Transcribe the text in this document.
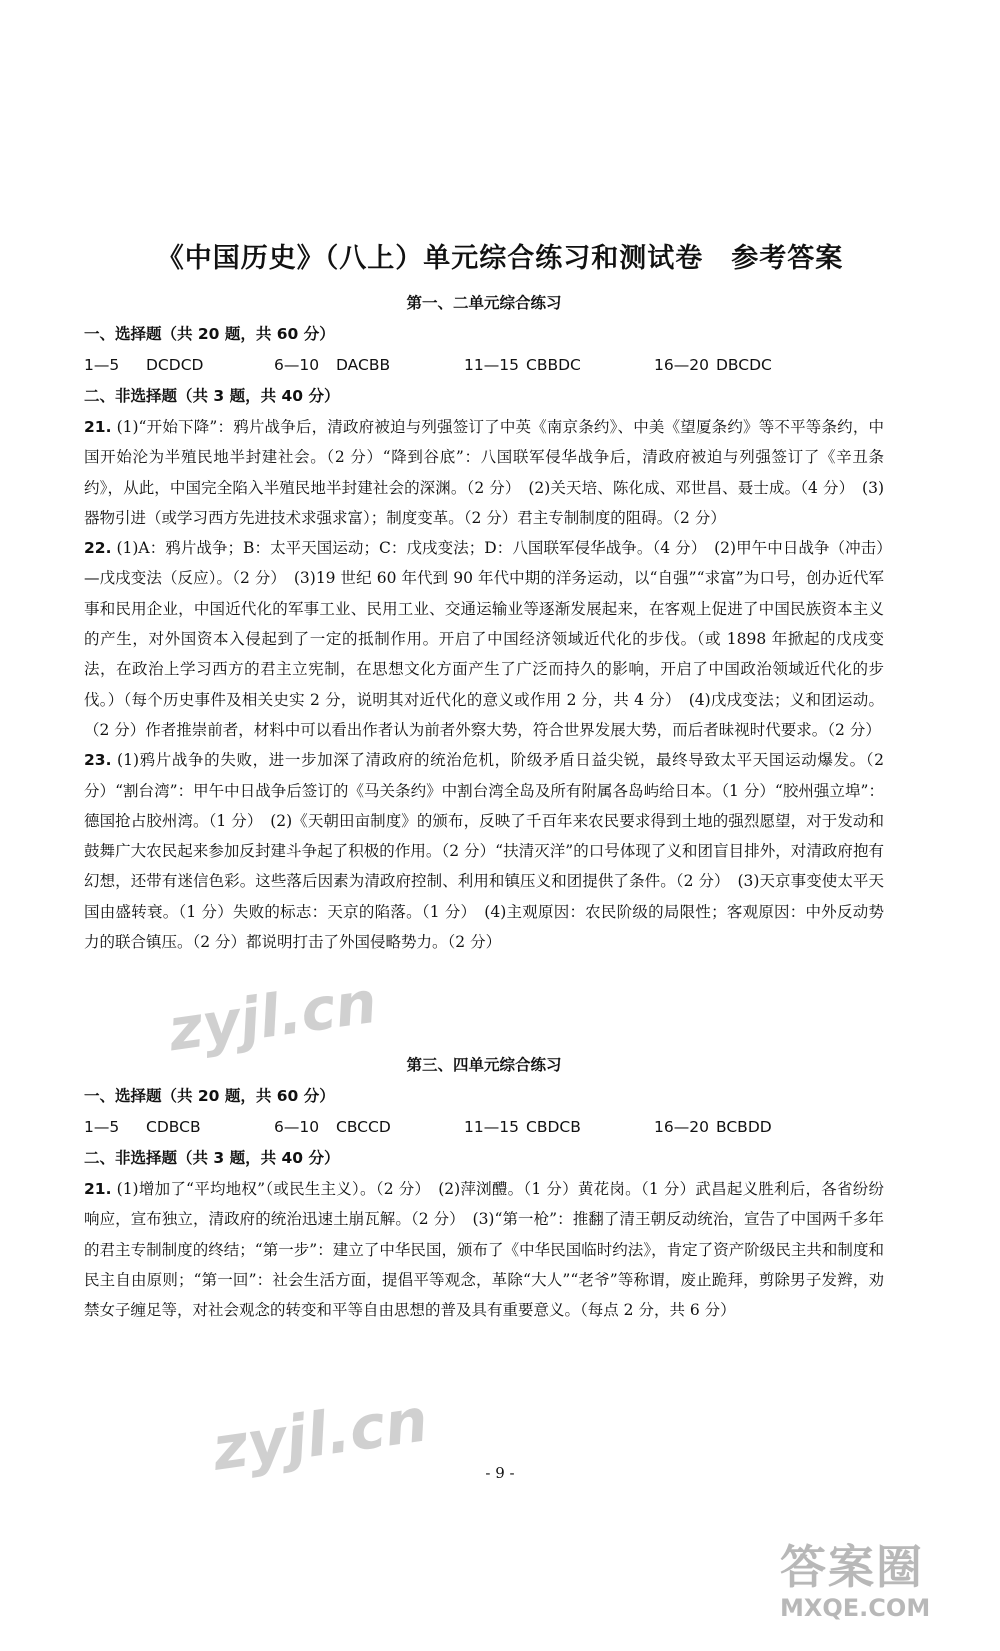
《中国历史》（八上）单元综合练习和测试卷　参考答案
第一、二单元综合练习
一、选择题（共 20 题，共 60 分）
1—5 DCDCD	6—10 DACBB	11—15 CBBDC	16—20 DBCDC
二、非选择题（共 3 题，共 40 分）

21. (1)“开始下降”：鸦片战争后，清政府被迫与列强签订了中英《南京条约》、中美《望厦条约》等不平等条约，中国开始沦为半殖民地半封建社会。（2 分）“降到谷底”：八国联军侵华战争后，清政府被迫与列强签订了《辛丑条约》，从此，中国完全陷入半殖民地半封建社会的深渊。（2 分）　(2)关天培、陈化成、邓世昌、聂士成。（4 分）　(3)器物引进（或学习西方先进技术求强求富）；制度变革。（2 分）君主专制制度的阻碍。（2 分）

22. (1)A：鸦片战争；B：太平天国运动；C：戊戌变法；D：八国联军侵华战争。（4 分）　(2)甲午中日战争（冲击）—戊戌变法（反应）。（2 分）　(3)19 世纪 60 年代到 90 年代中期的洋务运动，以“自强”“求富”为口号，创办近代军事和民用企业，中国近代化的军事工业、民用工业、交通运输业等逐渐发展起来，在客观上促进了中国民族资本主义的产生，对外国资本入侵起到了一定的抵制作用。开启了中国经济领域近代化的步伐。（或 1898 年掀起的戊戌变法，在政治上学习西方的君主立宪制，在思想文化方面产生了广泛而持久的影响，开启了中国政治领域近代化的步伐。）（每个历史事件及相关史实 2 分，说明其对近代化的意义或作用 2 分，共 4 分）　(4)戊戌变法；义和团运动。（2 分）作者推崇前者，材料中可以看出作者认为前者外察大势，符合世界发展大势，而后者昧视时代要求。（2 分）

23. (1)鸦片战争的失败，进一步加深了清政府的统治危机，阶级矛盾日益尖锐，最终导致太平天国运动爆发。（2 分）“割台湾”：甲午中日战争后签订的《马关条约》中割台湾全岛及所有附属各岛屿给日本。（1 分）“胶州强立埠”：德国抢占胶州湾。（1 分）　(2)《天朝田亩制度》的颁布，反映了千百年来农民要求得到土地的强烈愿望，对于发动和鼓舞广大农民起来参加反封建斗争起了积极的作用。（2 分）“扶清灭洋”的口号体现了义和团盲目排外，对清政府抱有幻想，还带有迷信色彩。这些落后因素为清政府控制、利用和镇压义和团提供了条件。（2 分）　(3)天京事变使太平天国由盛转衰。（1 分）失败的标志：天京的陷落。（1 分）　(4)主观原因：农民阶级的局限性；客观原因：中外反动势力的联合镇压。（2 分）都说明打击了外国侵略势力。（2 分）

第三、四单元综合练习
一、选择题（共 20 题，共 60 分）
1—5 CDBCB	6—10 CBCCD	11—15 CBDCB	16—20 BCBDD
二、非选择题（共 3 题，共 40 分）

21. (1)增加了“平均地权”（或民生主义）。（2 分）　(2)萍浏醴。（1 分）黄花岗。（1 分）武昌起义胜利后，各省纷纷响应，宣布独立，清政府的统治迅速土崩瓦解。（2 分）　(3)“第一枪”：推翻了清王朝反动统治，宣告了中国两千多年的君主专制制度的终结；“第一步”：建立了中华民国，颁布了《中华民国临时约法》，肯定了资产阶级民主共和制度和民主自由原则；“第一回”：社会生活方面，提倡平等观念，革除“大人”“老爷”等称谓，废止跪拜，剪除男子发辫，劝禁女子缠足等，对社会观念的转变和平等自由思想的普及具有重要意义。（每点 2 分，共 6 分）

- 9 -
zyjl.cn
zyjl.cn
答案圈
MXQE.COM
